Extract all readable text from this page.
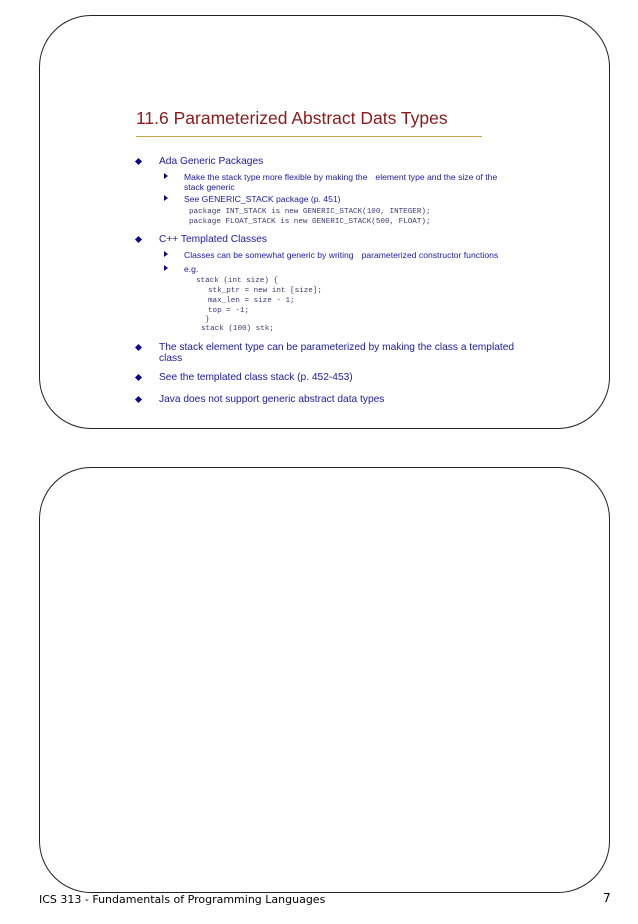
11.6 Parameterized Abstract Dats Types
Ada Generic Packages
Make the stack type more flexible by making the element type and the size of the
stack generic
See GENERIC_STACK package (p. 451)
package INT_STACK is new GENERIC_STACK(100, INTEGER);
package FLOAT_STACK is new GENERIC_STACK(500, FLOAT);
C++ Templated Classes
Classes can be somewhat generic by writing parameterized constructor functions
e.g.
stack (int size) {
stk_ptr = new int [size];
max_len = size - 1;
top = -1;
}
stack (100) stk;
The stack element type can be parameterized by making the class a templated
class
See the templated class stack (p. 452-453)
Java does not support generic abstract data types
ICS 313 - Fundamentals of Programming Languages	7
